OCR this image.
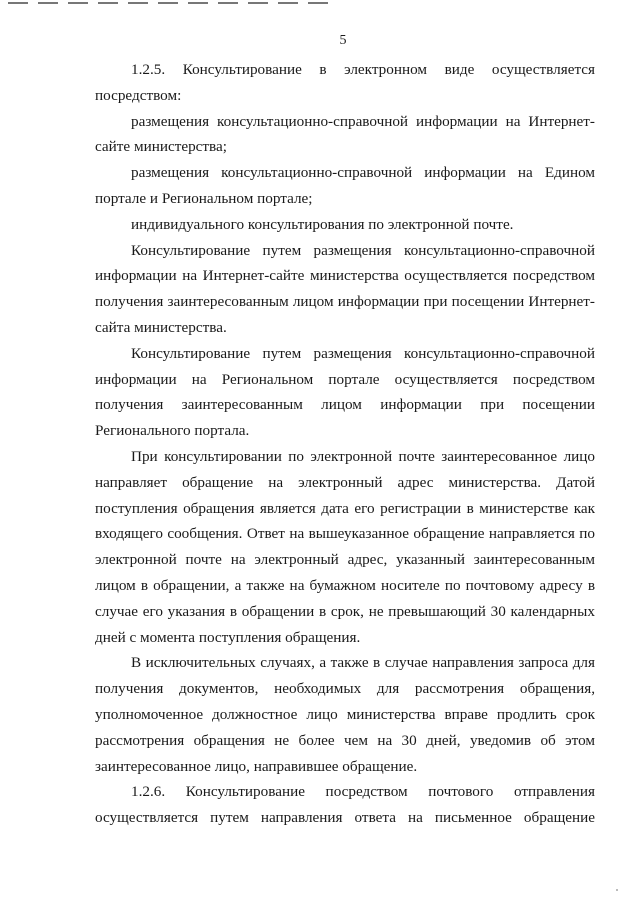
5

1.2.5. Консультирование в электронном виде осуществляется
посредством:

размещения консультационно-справочной информации на Интернет-
сайте министерства;

размещения консультационно-справочной информации на Едином
портале и Региональном портале;

индивидуального консультирования по электронной почте.

Консультирование путем размещения консультационно-справочной
информации на Интернет-сайте министерства осуществляется посредством
получения заинтересованным лицом информации при посещении Интернет-
сайта министерства.

Консультирование путем размещения консультационно-справочной
информации на Региональном портале осуществляется посредством
получения заинтересованным лицом информации при посещении
Регионального портала.

При консультировании по электронной почте заинтересованное лицо
направляет обращение на электронный адрес министерства. Датой
поступления обращения является дата его регистрации в министерстве как
входящего сообщения. Ответ на вышеуказанное обращение направляется по
электронной почте на электронный адрес, указанный заинтересованным
лицом в обращении, а также на бумажном носителе по почтовому адресу в
случае его указания в обращении в срок, не превышающий 30 календарных
дней с момента поступления обращения.

В исключительных случаях, а также в случае направления запроса для
получения документов, необходимых для рассмотрения обращения,
уполномоченное должностное лицо министерства вправе продлить срок
рассмотрения обращения не более чем на 30 дней, уведомив об этом
заинтересованное лицо, направившее обращение.

1.2.6. Консультирование посредством почтового отправления
осуществляется путем направления ответа на письменное обращение
